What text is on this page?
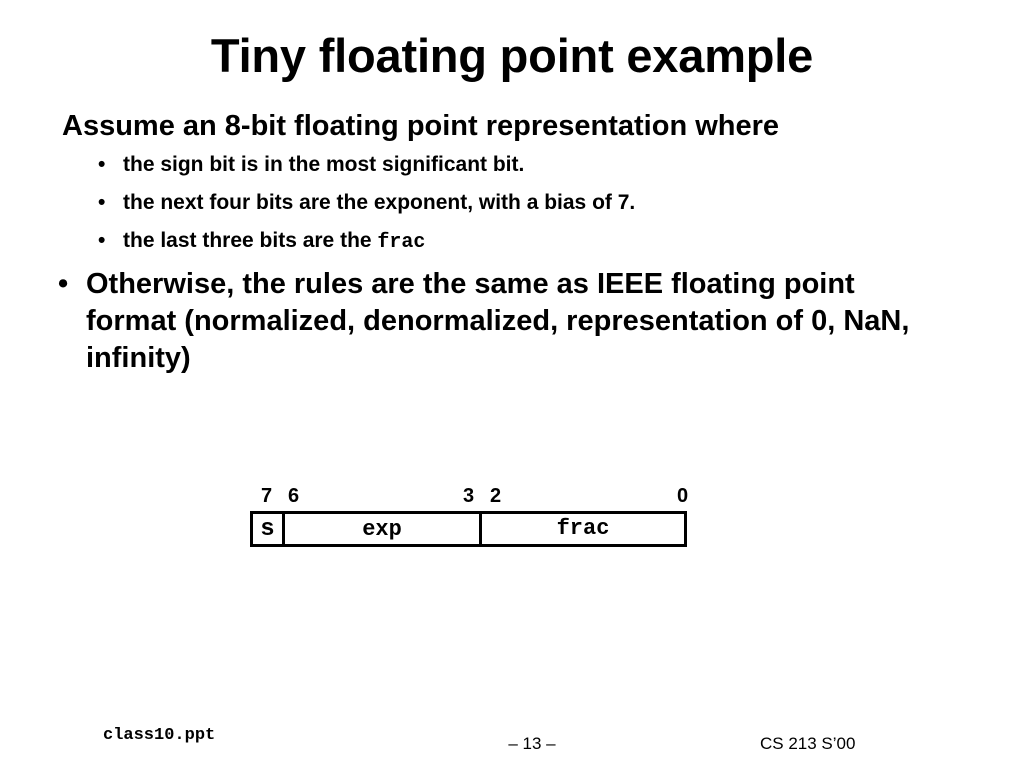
Tiny floating point example
Assume an 8-bit floating point representation where
• the sign bit is in the most significant bit.
• the next four bits are the exponent, with a bias of 7.
• the last three bits are the frac
• Otherwise, the rules are the same as IEEE floating point format (normalized, denormalized, representation of 0, NaN, infinity)
7 6	3 2	0
s	exp	frac
class10.ppt	– 13 –	CS 213 S’00
